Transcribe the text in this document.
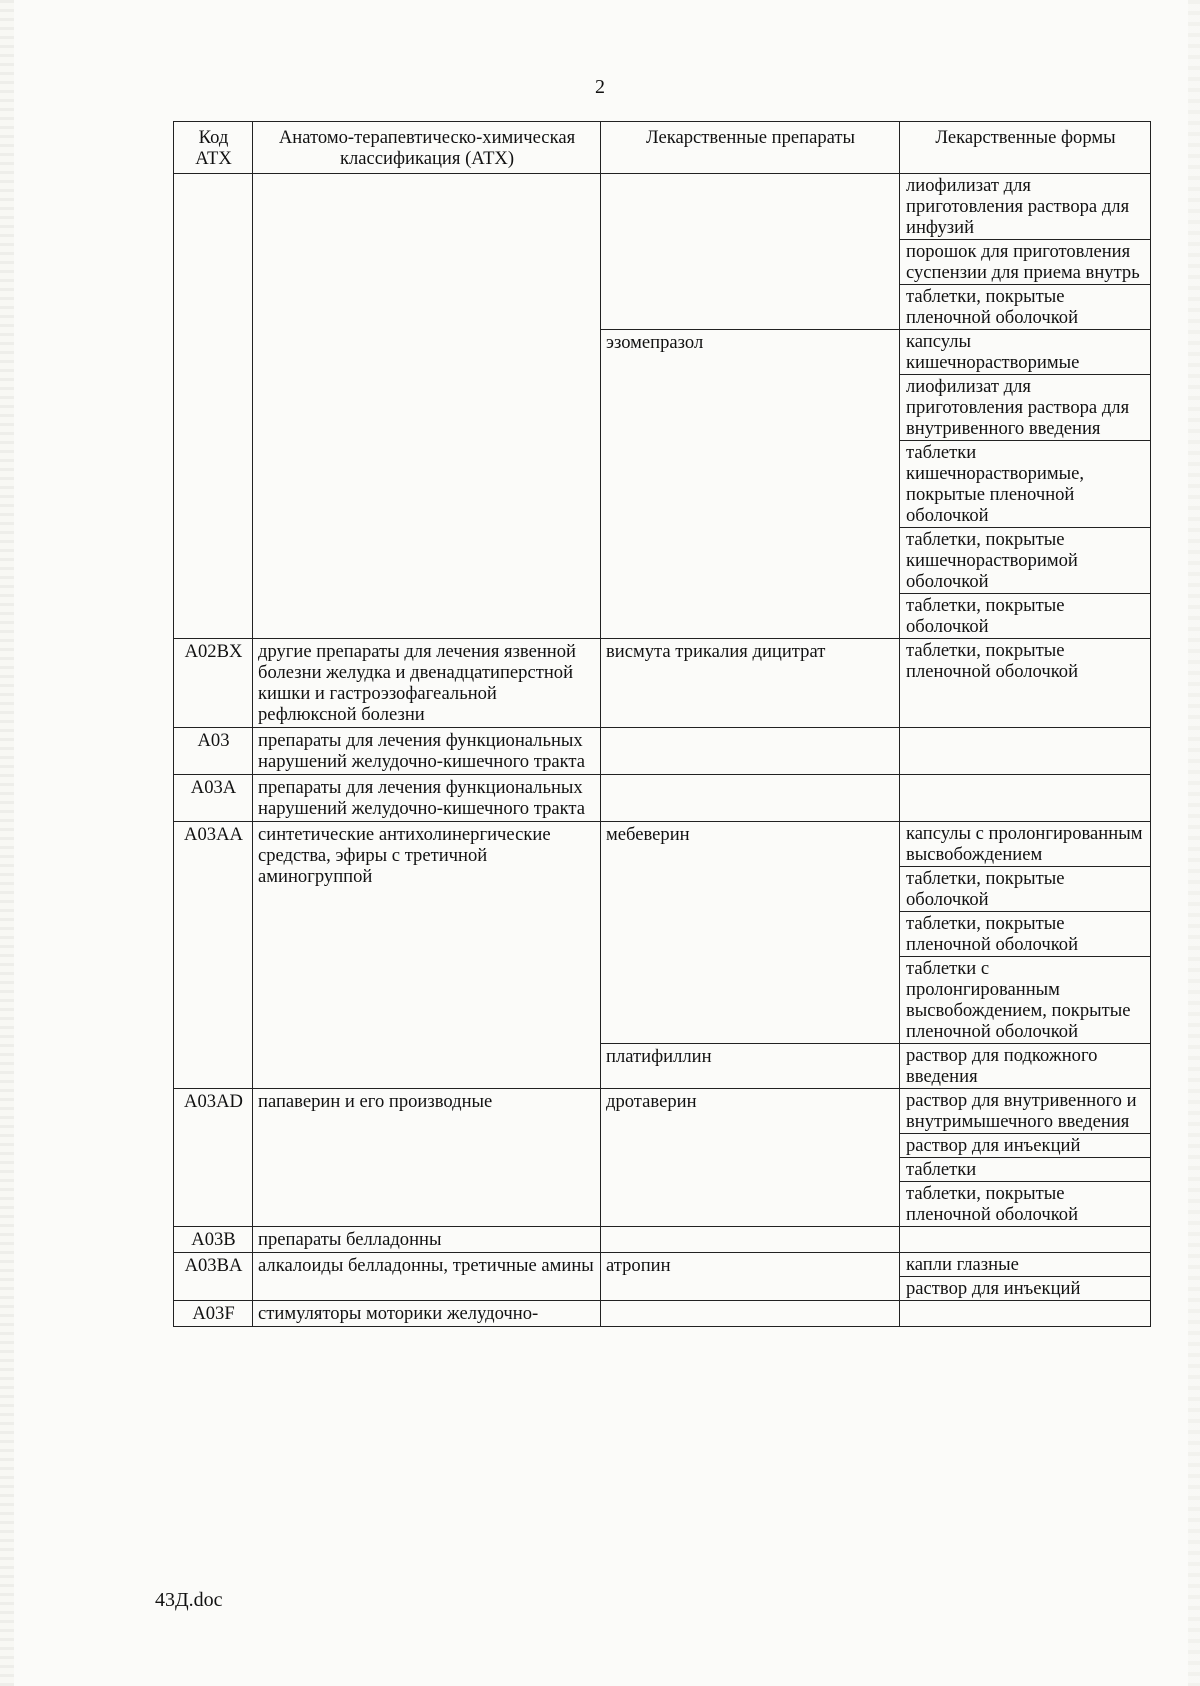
2
Код АТХ	Анатомо-терапевтическо-химическая классификация (АТХ)	Лекарственные препараты	Лекарственные формы
			лиофилизат для приготовления раствора для инфузий
			порошок для приготовления суспензии для приема внутрь
			таблетки, покрытые пленочной оболочкой
		эзомепразол	капсулы кишечнорастворимые
			лиофилизат для приготовления раствора для внутривенного введения
			таблетки кишечнорастворимые, покрытые пленочной оболочкой
			таблетки, покрытые кишечнорастворимой оболочкой
			таблетки, покрытые оболочкой
A02BX	другие препараты для лечения язвенной болезни желудка и двенадцатиперстной кишки и гастроэзофагеальной рефлюксной болезни	висмута трикалия дицитрат	таблетки, покрытые пленочной оболочкой
A03	препараты для лечения функциональных нарушений желудочно-кишечного тракта		
A03A	препараты для лечения функциональных нарушений желудочно-кишечного тракта		
A03AA	синтетические антихолинергические средства, эфиры с третичной аминогруппой	мебеверин	капсулы с пролонгированным высвобождением
			таблетки, покрытые оболочкой
			таблетки, покрытые пленочной оболочкой
			таблетки с пролонгированным высвобождением, покрытые пленочной оболочкой
		платифиллин	раствор для подкожного введения
A03AD	папаверин и его производные	дротаверин	раствор для внутривенного и внутримышечного введения
			раствор для инъекций
			таблетки
			таблетки, покрытые пленочной оболочкой
A03B	препараты белладонны		
A03BA	алкалоиды белладонны, третичные амины	атропин	капли глазные
			раствор для инъекций
A03F	стимуляторы моторики желудочно-		
43Д.doc
